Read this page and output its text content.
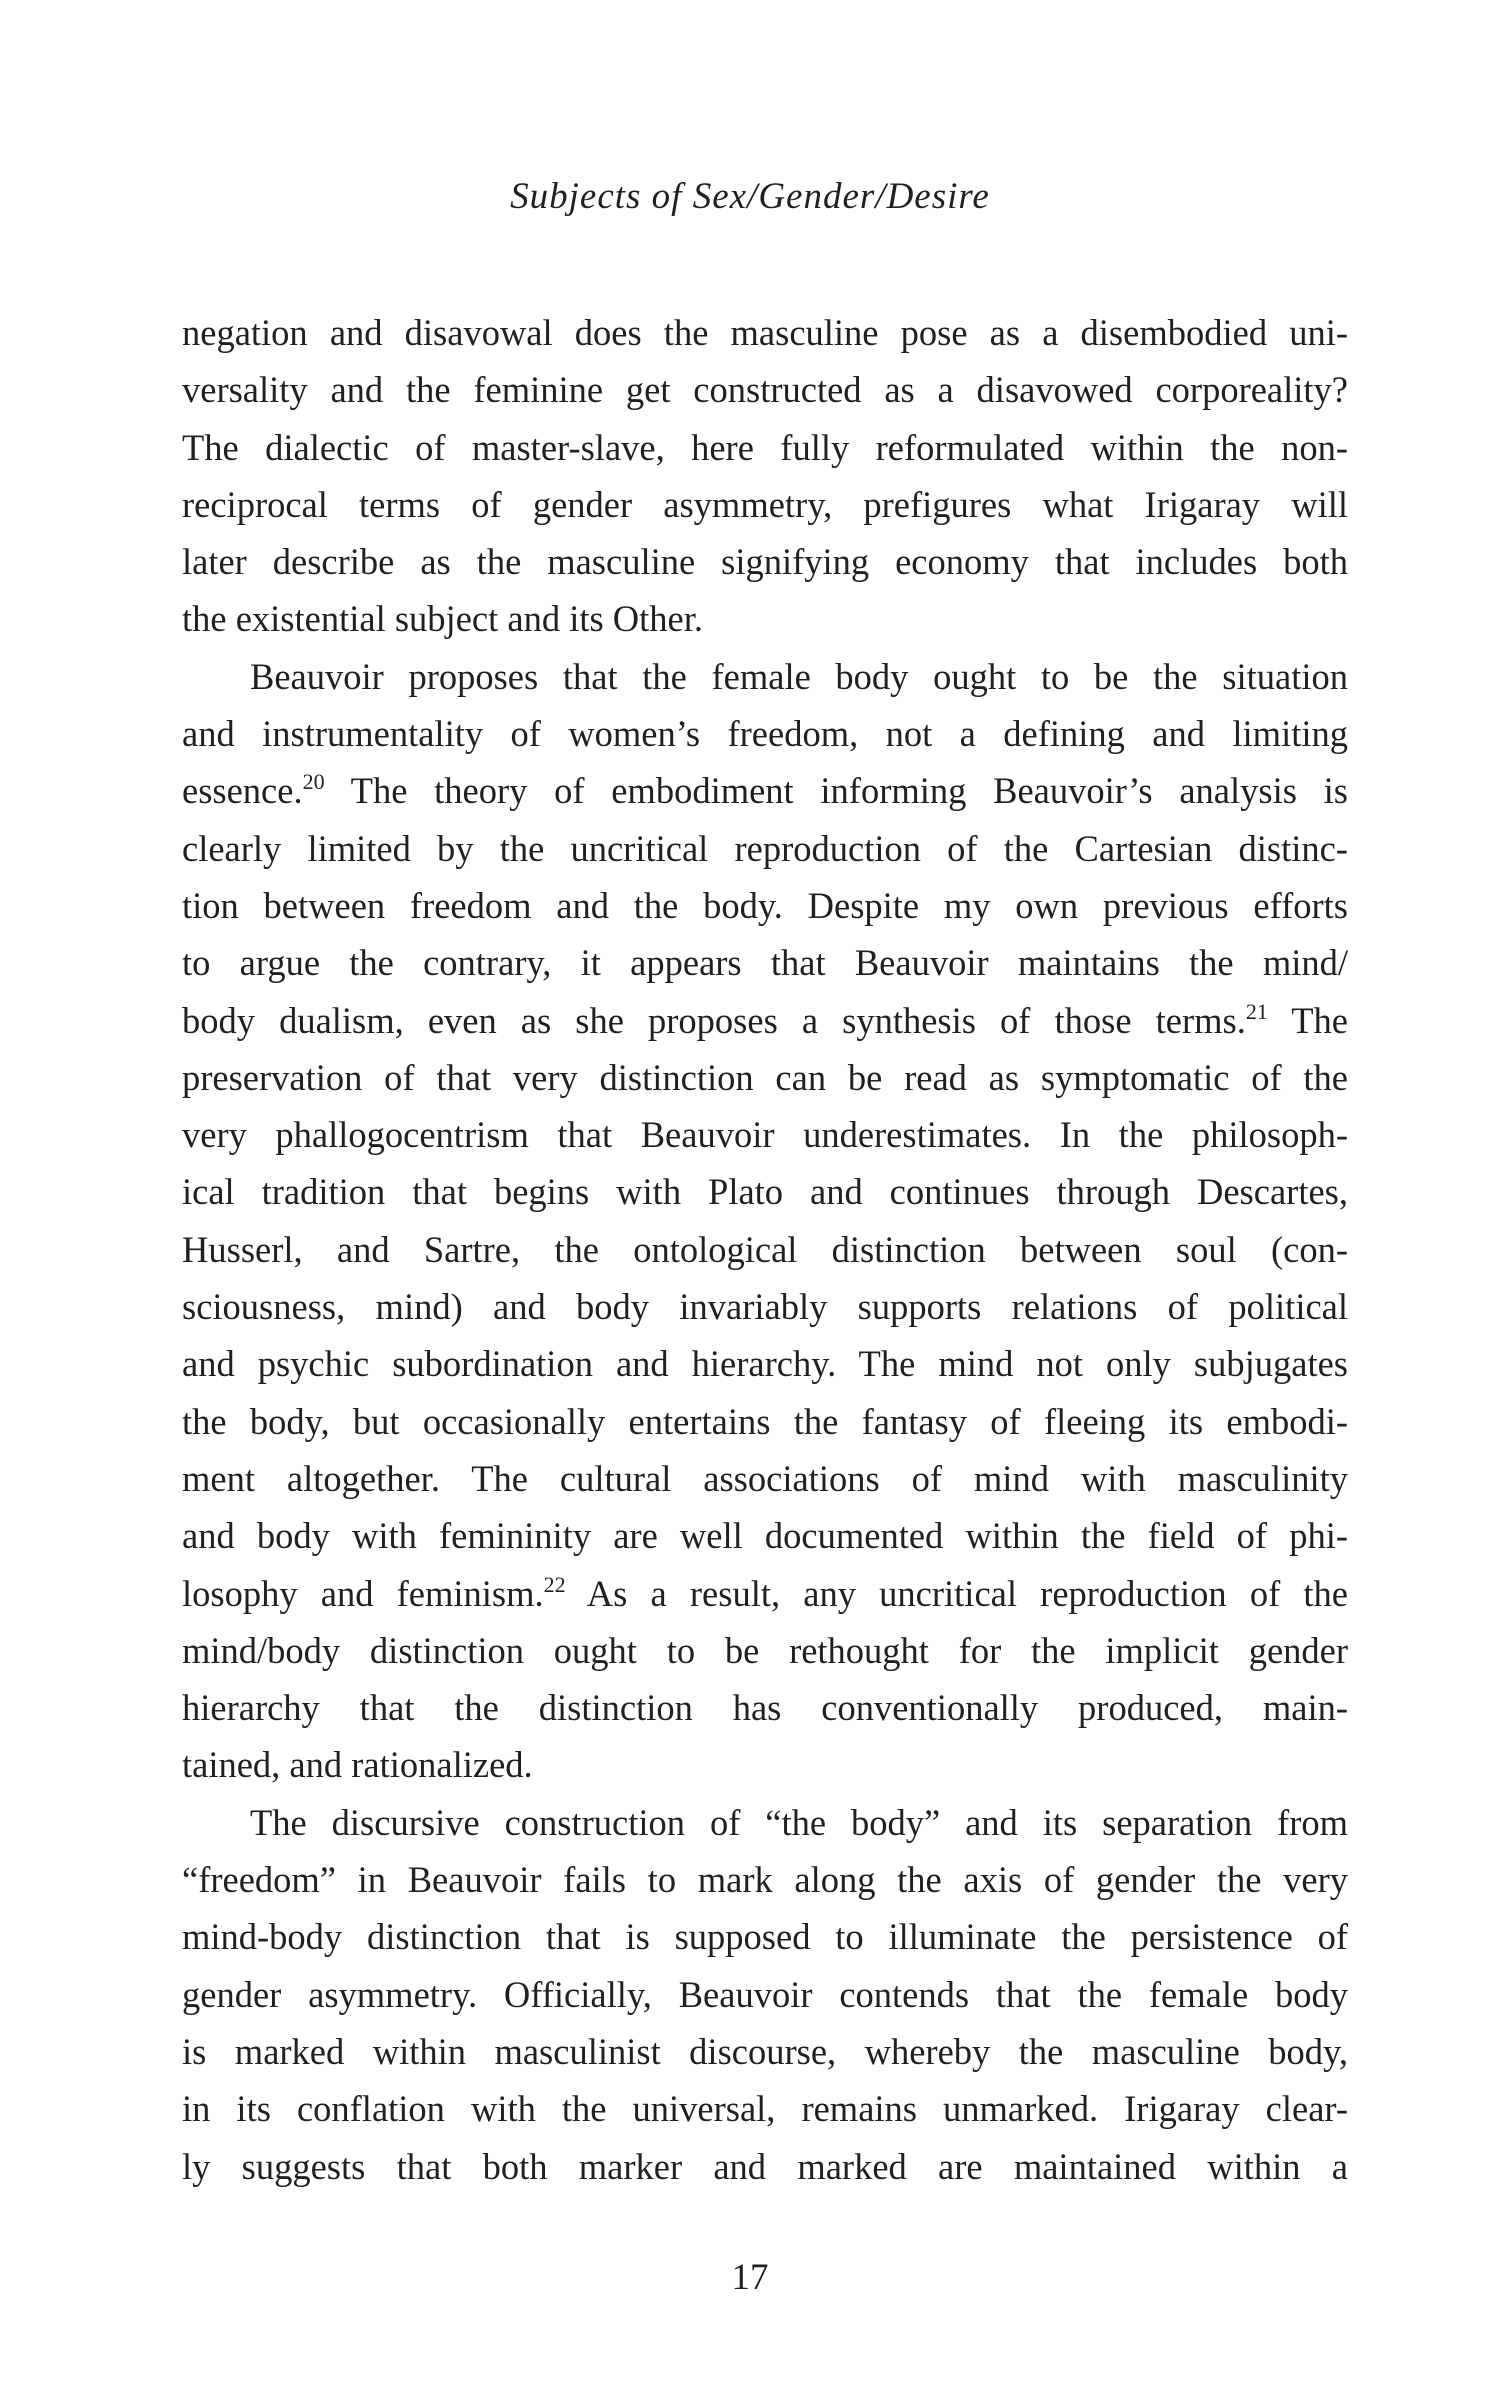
Subjects of Sex/Gender/Desire

negation and disavowal does the masculine pose as a disembodied uni-
versality and the feminine get constructed as a disavowed corporeality?
The dialectic of master-slave, here fully reformulated within the non-
reciprocal terms of gender asymmetry, prefigures what Irigaray will
later describe as the masculine signifying economy that includes both
the existential subject and its Other.

Beauvoir proposes that the female body ought to be the situation
and instrumentality of women’s freedom, not a defining and limiting
essence.$^{20}$ The theory of embodiment informing Beauvoir’s analysis is
clearly limited by the uncritical reproduction of the Cartesian distinc-
tion between freedom and the body. Despite my own previous efforts
to argue the contrary, it appears that Beauvoir maintains the mind/
body dualism, even as she proposes a synthesis of those terms.$^{21}$ The
preservation of that very distinction can be read as symptomatic of the
very phallogocentrism that Beauvoir underestimates. In the philosoph-
ical tradition that begins with Plato and continues through Descartes,
Husserl, and Sartre, the ontological distinction between soul (con-
sciousness, mind) and body invariably supports relations of political
and psychic subordination and hierarchy. The mind not only subjugates
the body, but occasionally entertains the fantasy of fleeing its embodi-
ment altogether. The cultural associations of mind with masculinity
and body with femininity are well documented within the field of phi-
losophy and feminism.$^{22}$ As a result, any uncritical reproduction of the
mind/body distinction ought to be rethought for the implicit gender
hierarchy that the distinction has conventionally produced, main-
tained, and rationalized.

The discursive construction of “the body” and its separation from
“freedom” in Beauvoir fails to mark along the axis of gender the very
mind-body distinction that is supposed to illuminate the persistence of
gender asymmetry. Officially, Beauvoir contends that the female body
is marked within masculinist discourse, whereby the masculine body,
in its conflation with the universal, remains unmarked. Irigaray clear-
ly suggests that both marker and marked are maintained within a

17
